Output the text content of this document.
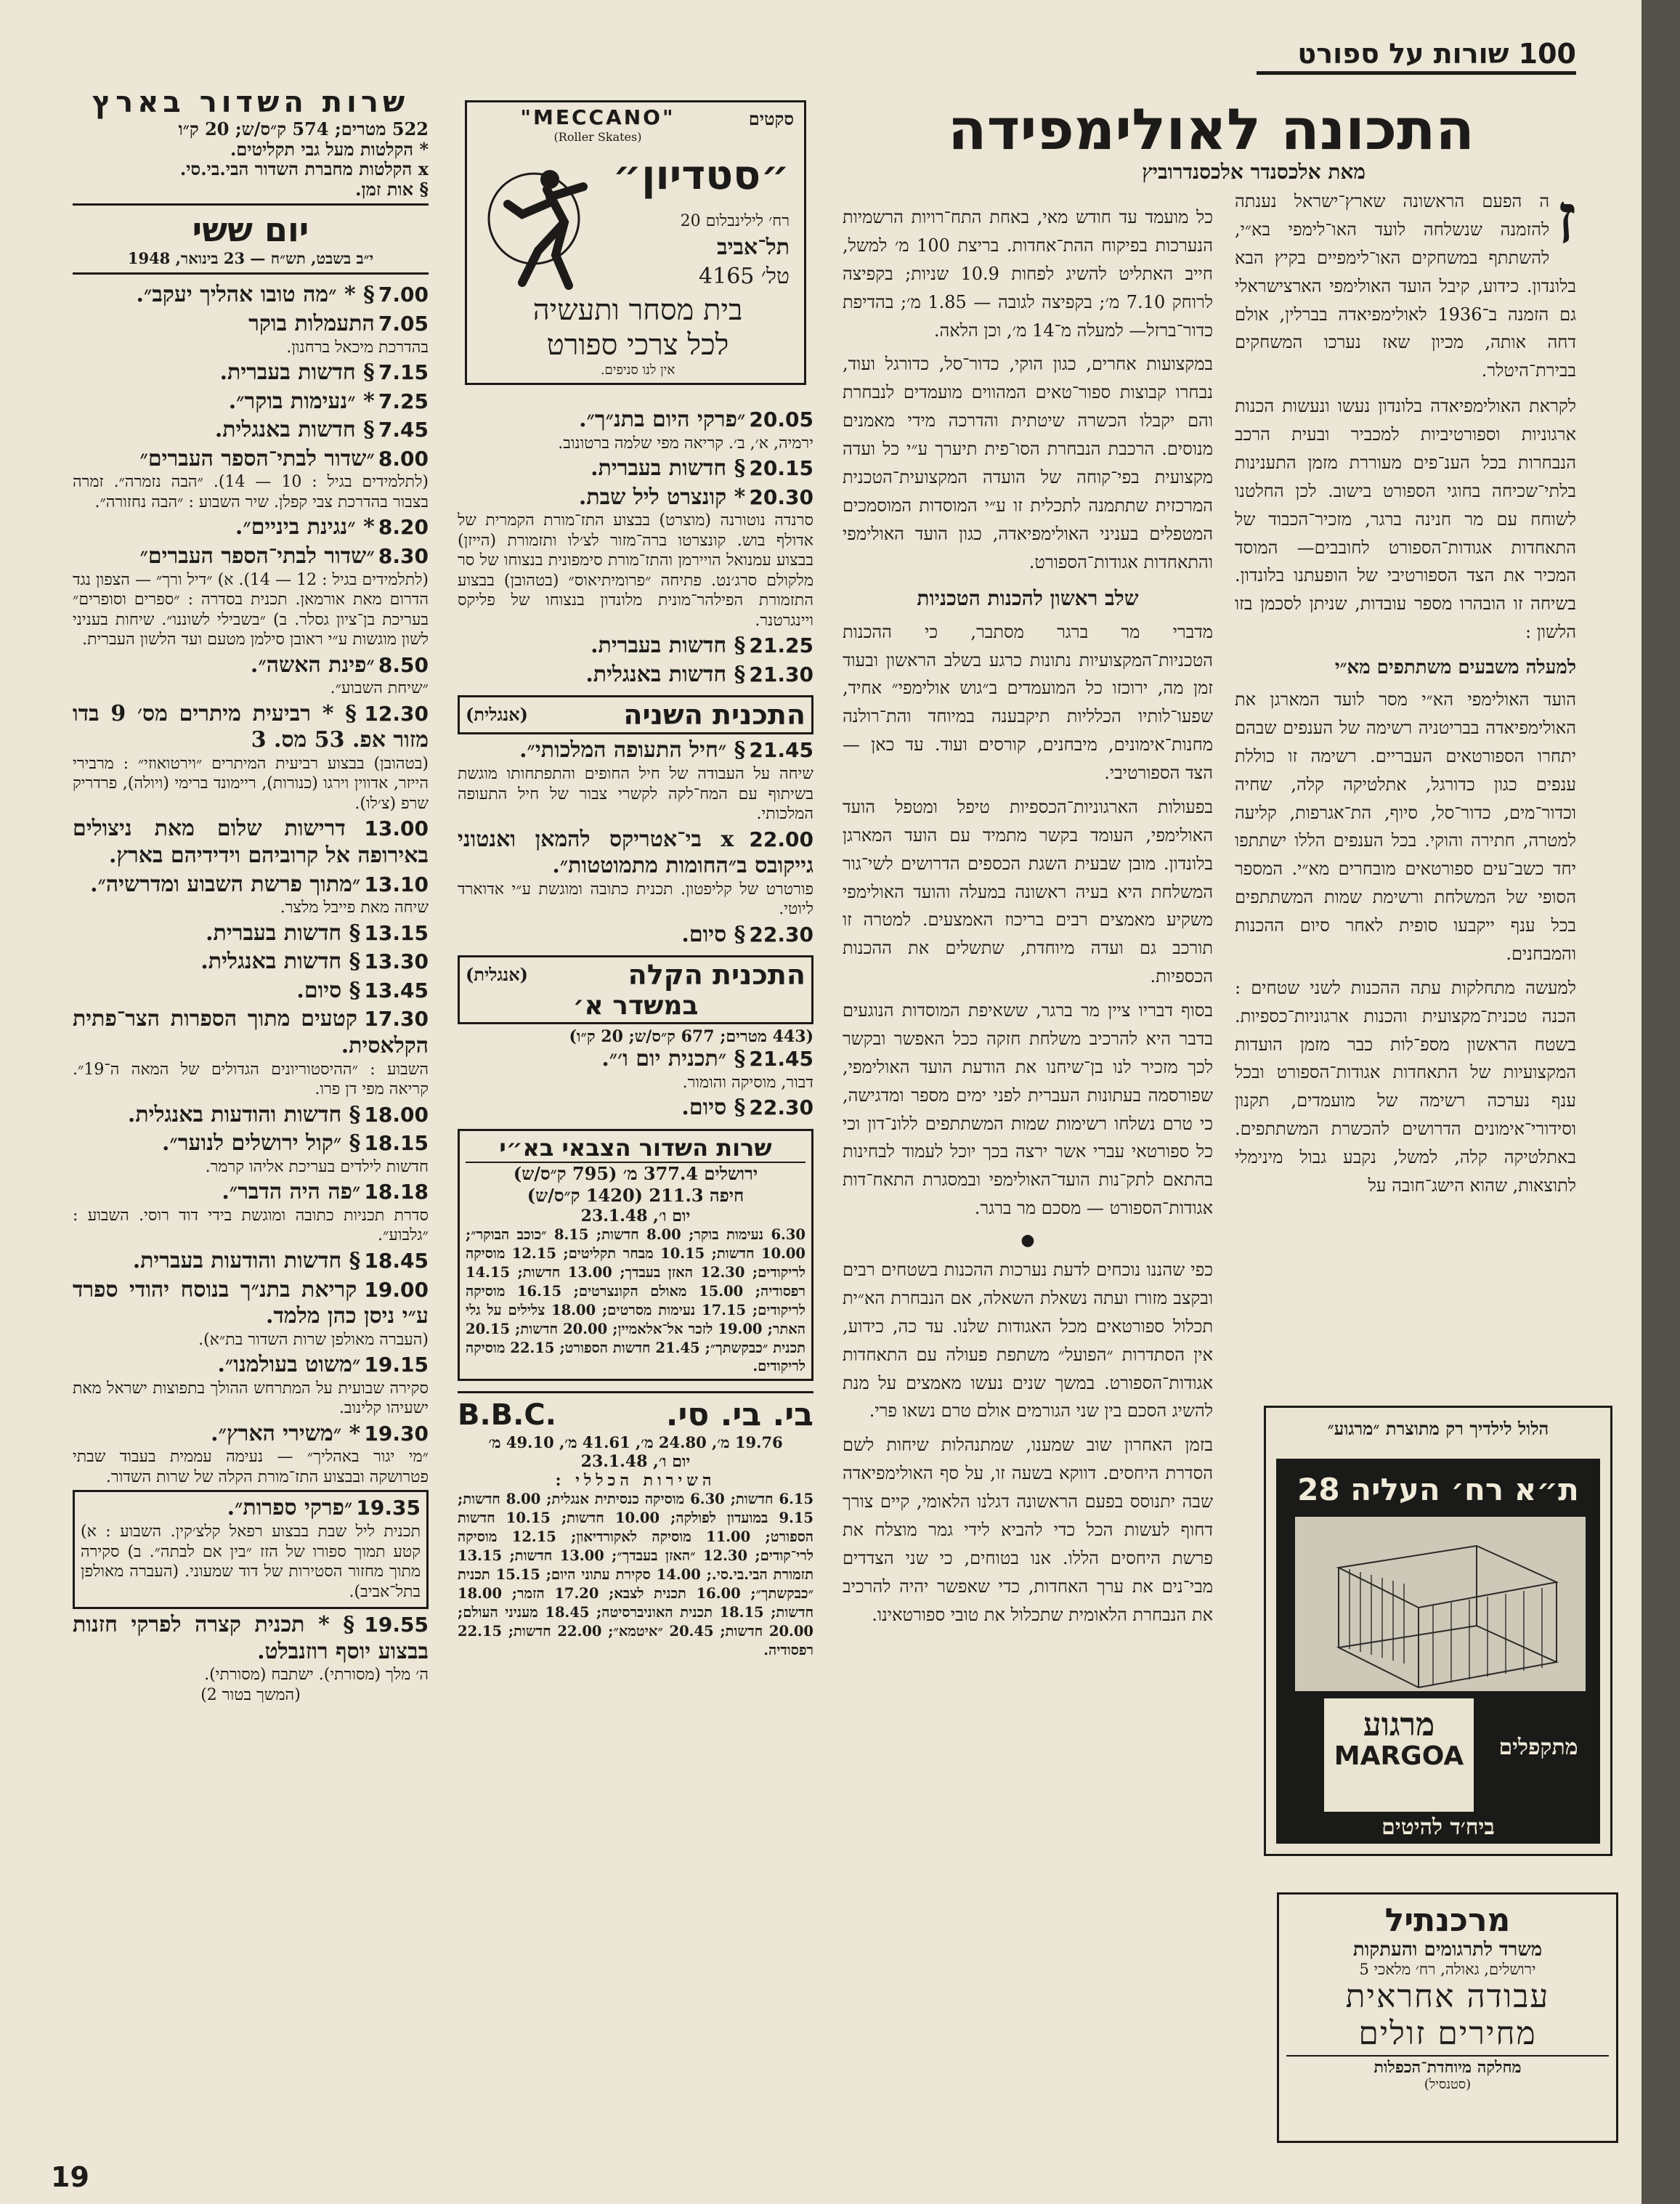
100 שורות על ספורט
התכונה לאולימפידה
מאת אלכסנדר אלכסנדרוביץ
ז

ה הפעם הראשונה שארץ־ישראל נענתה להזמנה שנשלחה לועד האו־לימפי בא״י, להשתתף במשחקים האו־לימפיים בקיץ הבא בלונדון. כידוע, קיבל הועד האולימפי הארצישראלי גם הזמנה ב־1936 לאולימפיאדה בברלין, אולם דחה אותה, מכיון שאז נערכו המשחקים בבירת־היטלר.

לקראת האולימפיאדה בלונדון נעשו ונעשות הכנות ארגוניות וספורטיביות למכביר ובעית הרכב הנבחרות בכל הענ־פים מעוררת מזמן התענינות בלתי־שכיחה בחוגי הספורט בישוב. לכן החלטנו לשוחח עם מר חנינה ברגר, מזכיר־הכבוד של התאחדות אגודות־הספורט לחובבים— המוסד המכיר את הצד הספורטיבי של הופעתנו בלונדון. בשיחה זו הובהרו מספר עובדות, שניתן לסכמן בזו הלשון :

למעלה משבעים משתתפים מא״י

הועד האולימפי הא״י מסר לועד המארגן את האולימפיאדה בבריטניה רשימה של הענפים שבהם יתחרו הספורטאים העבריים. רשימה זו כוללת ענפים כגון כדורגל, אתלטיקה קלה, שחיה וכדור־מים, כדור־סל, סיוף, הת־אגרפות, קליעה למטרה, חתירה והוקי. בכל הענפים הללו ישתתפו יחד כשב־עים ספורטאים מובחרים מא״י. המספר הסופי של המשלחת ורשימת שמות המשתתפים בכל ענף ייקבעו סופית לאחר סיום ההכנות והמבחנים.

למעשה מתחלקות עתה ההכנות לשני שטחים : הכנה טכנית־מקצועית והכנות ארגוניות־כספיות. בשטח הראשון מספ־לות כבר מזמן הועדות המקצועיות של התאחדות אגודות־הספורט ובכל ענף נערכה רשימה של מועמדים, תקנון וסידורי־אימונים הדרושים להכשרת המשתתפים. באתלטיקה קלה, למשל, נקבע גבול מינימלי לתוצאות, שהוא הישג־חובה על

כל מועמד עד חודש מאי, באחת התח־רויות הרשמיות הנערכות בפיקוח ההת־אחדות. בריצת 100 מ׳ למשל, חייב האתליט להשיג לפחות 10.9 שניות; בקפיצה לרוחק 7.10 מ׳; בקפיצה לגובה — 1.85 מ׳; בהדיפת כדור־ברזל— למעלה מ־14 מ׳, וכן הלאה.

במקצועות אחרים, כגון הוקי, כדור־סל, כדורגל ועוד, נבחרו קבוצות ספור־טאים המהווים מועמדים לנבחרת והם יקבלו הכשרה שיטתית והדרכה מידי מאמנים מנוסים. הרכבת הנבחרת הסו־פית תיערך ע״י כל ועדה מקצועית בפי־קוחה של הועדה המקצועית־הטכנית המרכזית שתתמנה לתכלית זו ע״י המוסדות המוסמכים המטפלים בעניני האולימפיאדה, כגון הועד האולימפי והתאחדות אגודות־הספורט.

שלב ראשון להכנות הטכניות

מדברי מר ברגר מסתבר, כי ההכנות הטכניות־המקצועיות נתונות כרגע בשלב הראשון ובעוד זמן מה, ירוכזו כל המועמדים ב״גוש אולימפי״ אחיד, שפעו־לותיו הכלליות תיקבענה במיוחד והת־רולנה מחנות־אימונים, מיבחנים, קורסים ועוד. עד כאן — הצד הספורטיבי.

בפעולות הארגוניות־הכספיות טיפל ומטפל הועד האולימפי, העומד בקשר מתמיד עם הועד המארגן בלונדון. מובן שבעית השגת הכספים הדרושים לשי־גור המשלחת היא בעיה ראשונה במעלה והועד האולימפי משקיע מאמצים רבים בריכוז האמצעים. למטרה זו תורכב גם ועדה מיוחדת, שתשלים את ההכנות הכספיות.

בסוף דבריו ציין מר ברגר, ששאיפת המוסדות הנוגעים בדבר היא להרכיב משלחת חזקה ככל האפשר ובקשר לכך מזכיר לנו בן־שיחנו את הודעת הועד האולימפי, שפורסמה בעתונות העברית לפני ימים מספר ומדגישה, כי טרם נשלחו רשימות שמות המשתתפים ללונ־דון וכי כל ספורטאי עברי אשר ירצה בכך יוכל לעמוד לבחינות בהתאם לתק־נות הועד־האולימפי ובמסגרת התאח־דות אגודות־הספורט — מסכם מר ברגר.

●

כפי שהננו נוכחים לדעת נערכות ההכנות בשטחים רבים ובקצב מזורז ועתה נשאלת השאלה, אם הנבחרת הא״ית תכלול ספורטאים מכל האגודות שלנו. עד כה, כידוע, אין הסתדרות ״הפועל״ משתפת פעולה עם התאחדות אגודות־הספורט. במשך שנים נעשו מאמצים על מנת להשיג הסכם בין שני הגורמים אולם טרם נשאו פרי.

בזמן האחרון שוב שמענו, שמתנהלות שיחות לשם הסדרת היחסים. דווקא בשעה זו, על סף האולימפיאדה שבה יתנוסס בפעם הראשונה דגלנו הלאומי, קיים צורך דחוף לעשות הכל כדי להביא לידי גמר מוצלח את פרשת היחסים הללו. אנו בטוחים, כי שני הצדדים מבי־נים את ערך האחדות, כדי שאפשר יהיה להרכיב את הנבחרת הלאומית שתכלול את טובי ספורטאינו.

הלול לילדיך רק מתוצרת ״מרגוע״
ת״א רח׳ העליה 28
מרגוע
MARGOA	מתקפלים
ביח׳ד להיטים
מרכנתיל
משרד לתרגומים והעתקות
ירושלים, גאולה, רח׳ מלאכי 5
עבודה אחראית
מחירים זולים
מחלקה מיוחדת־הכפלות
(סטנסיל)
סקטים
"MECCANO"
(Roller Skates)
״סטדיון״
רח׳ לילינבלום 20
תל־אביב
טל׳ 4165
בית מסחר ותעשיה
לכל צרכי ספורט
אין לנו סניפים.
20.05 ״פרקי היום בתנ״ך״.
ירמיה, א׳, ב׳. קריאה מפי שלמה ברטונוב.
20.15 § חדשות בעברית.
20.30 * קונצרט ליל שבת.
סרנדה נוטורנה (מוצרט) בבצוע התז־מורת הקמרית של אדולף בוש. קונצרטו ברה־מזור לצ׳לו ותזמורת (הייזן) בבצוע עמנואל הויירמן והתז־מורת סימפונית בנצוחו של סר מלקולם סרג׳נט. פתיחה ״פרומיתיאוס״ (בטהובן) בבצוע התזמורת הפילהר־מונית מלונדון בנצוחו של פליקס ויינגרטנר.
21.25 § חדשות בעברית.
21.30 § חדשות באנגלית.
התכנית השניה
(אנגלית)
21.45 § ״חיל התעופה המלכותי״.
שיחה על העבודה של חיל החופים והתפתחותו מוגשת בשיתוף עם המח־לקה לקשרי צבור של חיל התעופה המלכותי.
22.00 x בי־אטריקס להמאן ואנטוני גייקובס ב״החומות מתמוטטות״.
פורטרט של קליפטון. תכנית כתובה ומוגשת ע״י אדוארד ליוטי.
22.30 § סיום.
התכנית הקלה
(אנגלית)
במשדר א׳
(443 מטרים; 677 ק״ס/ש; 20 ק״ו)
21.45 § ״תכנית יום ו׳״.
דבור, מוסיקה והומור.
22.30 § סיום.
שרות השדור הצבאי בא״י
ירושלים 377.4 מ׳ (795 ק״ס/ש)
חיפה 211.3 (1420 ק״ס/ש)
יום ו׳, 23.1.48
6.30 נעימות בוקר; 8.00 חדשות; 8.15 ״כוכב הבוקר״; 10.00 חדשות; 10.15 מבחר תקליטים; 12.15 מוסיקה לריקודים; 12.30 האזן בעבדך; 13.00 חדשות; 14.15 רפסודיה; 15.00 מאולם הקונצרטים; 16.15 מוסיקה לריקודים; 17.15 נעימות מסרטים; 18.00 צלילים על גלי האתר; 19.00 לזכר אל־אלאמיין; 20.00 חדשות; 20.15 תכנית ״כבקשתך״; 21.45 חדשות הספורט; 22.15 מוסיקה לריקודים.
בי. בי. סי.
B.B.C.
19.76 מ׳, 24.80 מ׳, 41.61 מ׳, 49.10 מ׳
יום ו׳, 23.1.48
השירות הכללי :
6.15 חדשות; 6.30 מוסיקה כנסיתית אנגלית; 8.00 חדשות; 9.15 במועדון לפולקה; 10.00 חדשות; 10.15 חדשות הספורט; 11.00 מוסיקה לאקורדיאון; 12.15 מוסיקה לרי־קודים; 12.30 ״האזן בעבדך״; 13.00 חדשות; 13.15 תזמורת הבי.בי.סי.; 14.00 סקירת עתוני היום; 15.15 תכנית ״כבקשתך״; 16.00 תכנית לצבא; 17.20 הזמר; 18.00 חדשות; 18.15 תכנית האוניברסיטה; 18.45 מעניני העולם; 20.00 חדשות; 20.45 ״איטמא״; 22.00 חדשות; 22.15 רפסודיה.
שרות השדור בארץ
522 מטרים; 574 ק״ס/ש; 20 ק״ו
* הקלטות מעל גבי תקליטים.
x הקלטות מחברת השדור הבי.בי.סי.
§ אות זמן.
יום ששי
י״ב בשבט, תש״ח — 23 בינואר, 1948
7.00 § * ״מה טובו אהליך יעקב״.
7.05 התעמלות בוקר
בהדרכת מיכאל ברחנון.
7.15 § חדשות בעברית.
7.25 * ״נעימות בוקר״.
7.45 § חדשות באנגלית.
8.00 ״שדור לבתי־הספר העברים״
(לתלמידים בגיל : 10 — 14). ״הבה נזמרה״. זמרה בצבור בהדרכת צבי קפלן. שיר השבוע : ״הבה נחזורה״.
8.20 * ״נגינת ביניים״.
8.30 ״שדור לבתי־הספר העברים״
(לתלמידים בגיל : 12 — 14). א) ״דיל ורך״ — הצפון נגד הדרום מאת אורמאן. תכנית בסדרה : ״ספרים וסופרים״ בעריכת בן־ציון גסלר. ב) ״בשבילי לשוננו״. שיחות בעניני לשון מוגשות ע״י ראובן סילמן מטעם ועד הלשון העברית.
8.50 ״פינת האשה״.
״שיחת השבוע״.
12.30 § * רביעית מיתרים מס׳ 9 בדו מזור אפ. 53 מס. 3
(בטהובן) בבצוע רביעית המיתרים ״וירטואוזי״ : מרבירי הייזר, אדווין וירגו (כנורות), ריימונד ברימי (ויולה), פרדריק שרפ (צ׳לו).
13.00 דרישות שלום מאת ניצולים באירופה אל קרוביהם וידידיהם בארץ.
13.10 ״מתוך פרשת השבוע ומדרשיה״.
שיחה מאת פייבל מלצר.
13.15 § חדשות בעברית.
13.30 § חדשות באנגלית.
13.45 § סיום.
17.30 קטעים מתוך הספרות הצר־פתית הקלאסית.
השבוע : ״ההיסטוריונים הגדולים של המאה ה־19״. קריאה מפי דן פרו.
18.00 § חדשות והודעות באנגלית.
18.15 § ״קול ירושלים לנוער״.
חדשות לילדים בעריכת אליהו קרמר.
18.18 ״פה היה הדבר״.
סדרת תכניות כתובה ומוגשת בידי דוד רוסי. השבוע : ״גלבוע״.
18.45 § חדשות והודעות בעברית.
19.00 קריאת בתנ״ך בנוסח יהודי ספרד ע״י ניסן כהן מלמד.
(העברה מאולפן שרות השדור בת״א).
19.15 ״משוט בעולמנו״.
סקירה שבועית על המתרחש ההולך בתפוצות ישראל מאת ישעיהו קלינוב.
19.30 * ״משירי הארץ״.
״מי יגור באהליך״ — נעימה עממית בעבוד שבתי פטרושקה ובבצוע התז־מורת הקלה של שרות השדור.
19.35 ״פרקי ספרות״.
תכנית ליל שבת בבצוע רפאל קלצ׳קין. השבוע : א) קטע תמוך ספורו של הזז ״בין אם לבתה״. ב) סקירה מתוך מחזור הסטירות של דוד שמעוני. (העברה מאולפן בתל־אביב).
19.55 § * תכנית קצרה לפרקי חזנות בבצוע יוסף רוזנבלט.
ה׳ מלך (מסורתי). ישתבח (מסורתי).
(המשך בטור 2)
19
